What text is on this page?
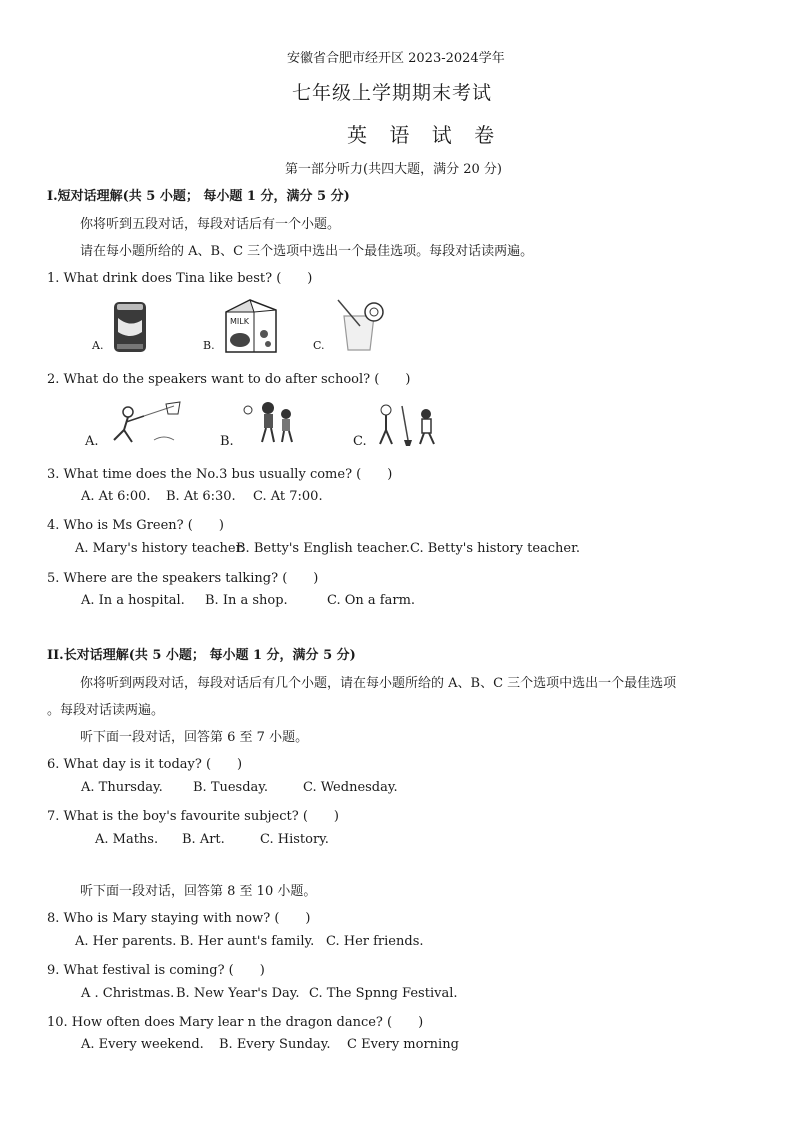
安徽省合肥市经开区 2023-2024学年
七年级上学期期末考试
英 语 试 卷
第一部分听力(共四大题，满分 20 分)
I.短对话理解(共 5 小题； 每小题 1 分，满分 5 分)
你将听到五段对话，每段对话后有一个小题。
请在每小题所给的 A、B、C 三个选项中选出一个最佳选项。每段对话读两遍。
1. What drink does Tina like best? (　　)
A.	B.
MILK
C.
2. What do the speakers want to do after school? (　　)
A.	B.	C.
3. What time does the No.3 bus usually come? (　　)
A. At 6:00. B. At 6:30. C. At 7:00.
4. Who is Ms Green? (　　)
A. Mary's history teacher.
B. Betty's English teacher. C. Betty's history teacher.
5. Where are the speakers talking? (　　)
A. In a hospital. B. In a shop.	C. On a farm.
II.长对话理解(共 5 小题； 每小题 1 分，满分 5 分)
你将听到两段对话，每段对话后有几个小题，请在每小题所给的 A、B、C 三个选项中选出一个最佳选项
。每段对话读两遍。
听下面一段对话，回答第 6 至 7 小题。
6. What day is it today? (　　)
A. Thursday. B. Tuesday.	C. Wednesday.
7. What is the boy's favourite subject? (　　)
A. Maths. B. Art.	C. History.
听下面一段对话，回答第 8 至 10 小题。
8. Who is Mary staying with now? (　　)
A. Her parents. B. Her aunt's family. C. Her friends.
9. What festival is coming? (　　)
A . Christmas. B. New Year's Day. C. The Spnng Festival.
10. How often does Mary lear n the dragon dance? (　　)
A. Every weekend. B. Every Sunday. C Every morning
